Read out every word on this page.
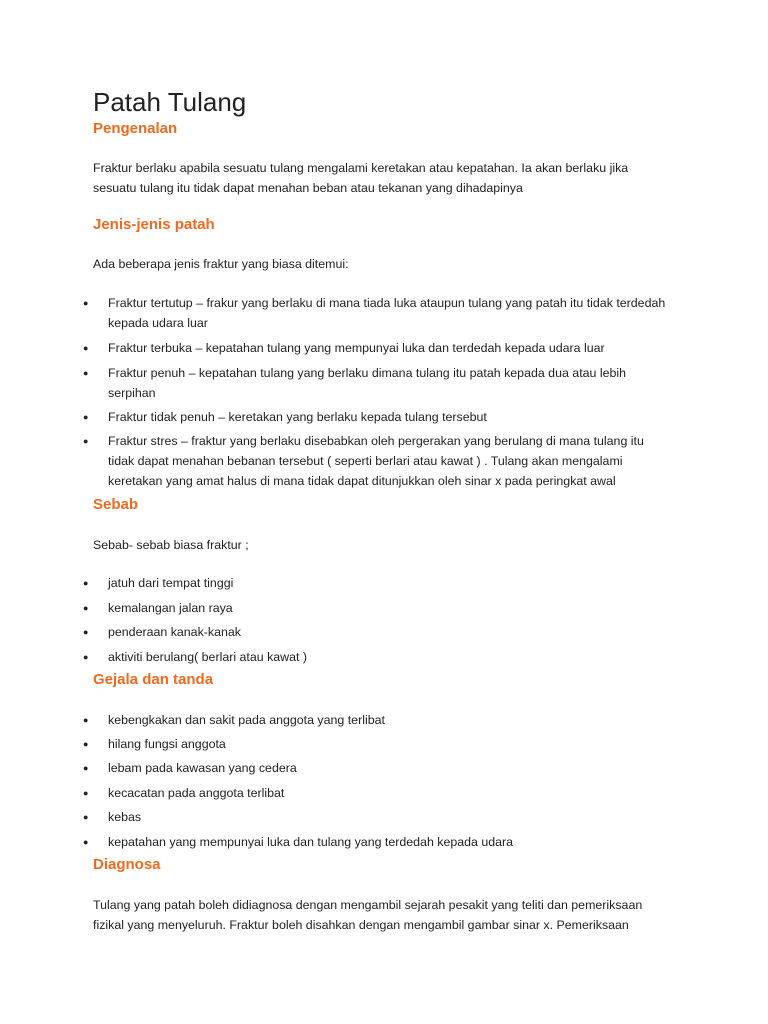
Patah Tulang
Pengenalan

Fraktur berlaku apabila sesuatu tulang mengalami keretakan atau kepatahan. Ia akan berlaku jika sesuatu tulang itu tidak dapat menahan beban atau tekanan yang dihadapinya

Jenis-jenis patah

Ada beberapa jenis fraktur yang biasa ditemui:

● Fraktur tertutup – frakur yang berlaku di mana tiada luka ataupun tulang yang patah itu tidak terdedah kepada udara luar

● Fraktur terbuka – kepatahan tulang yang mempunyai luka dan terdedah kepada udara luar

● Fraktur penuh – kepatahan tulang yang berlaku dimana tulang itu patah kepada dua atau lebih serpihan

● Fraktur tidak penuh – keretakan yang berlaku kepada tulang tersebut

● Fraktur stres – fraktur yang berlaku disebabkan oleh pergerakan yang berulang di mana tulang itu tidak dapat menahan bebanan tersebut ( seperti berlari atau kawat ) . Tulang akan mengalami keretakan yang amat halus di mana tidak dapat ditunjukkan oleh sinar x pada peringkat awal

Sebab

Sebab- sebab biasa fraktur ;

● jatuh dari tempat tinggi

● kemalangan jalan raya

● penderaan kanak-kanak

● aktiviti berulang( berlari atau kawat )

Gejala dan tanda
● kebengkakan dan sakit pada anggota yang terlibat

● hilang fungsi anggota

● lebam pada kawasan yang cedera

● kecacatan pada anggota terlibat

● kebas

● kepatahan yang mempunyai luka dan tulang yang terdedah kepada udara

Diagnosa

Tulang yang patah boleh didiagnosa dengan mengambil sejarah pesakit yang teliti dan pemeriksaan fizikal yang menyeluruh. Fraktur boleh disahkan dengan mengambil gambar sinar x. Pemeriksaan
